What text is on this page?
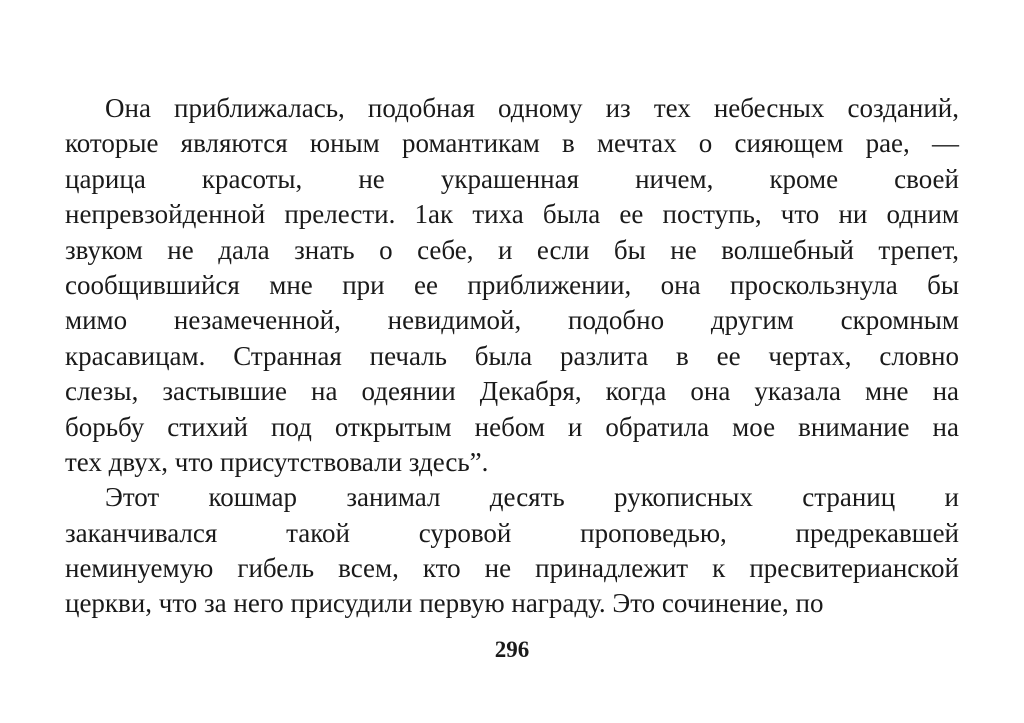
Она приближалась, подобная одному из тех небесных созданий,
которые являются юным романтикам в мечтах о сияющем рае, —
царица красоты, не украшенная ничем, кроме своей
непревзойденной прелести. 1ак тиха была ее поступь, что ни одним
звуком не дала знать о себе, и если бы не волшебный трепет,
сообщившийся мне при ее приближении, она проскользнула бы
мимо незамеченной, невидимой, подобно другим скромным
красавицам. Странная печаль была разлита в ее чертах, словно
слезы, застывшие на одеянии Декабря, когда она указала мне на
борьбу стихий под открытым небом и обратила мое внимание на
тех двух, что присутствовали здесь”.

Этот кошмар занимал десять рукописных страниц и
заканчивался такой суровой проповедью, предрекавшей
неминуемую гибель всем, кто не принадлежит к пресвитерианской
церкви, что за него присудили первую награду. Это сочинение, по

296
